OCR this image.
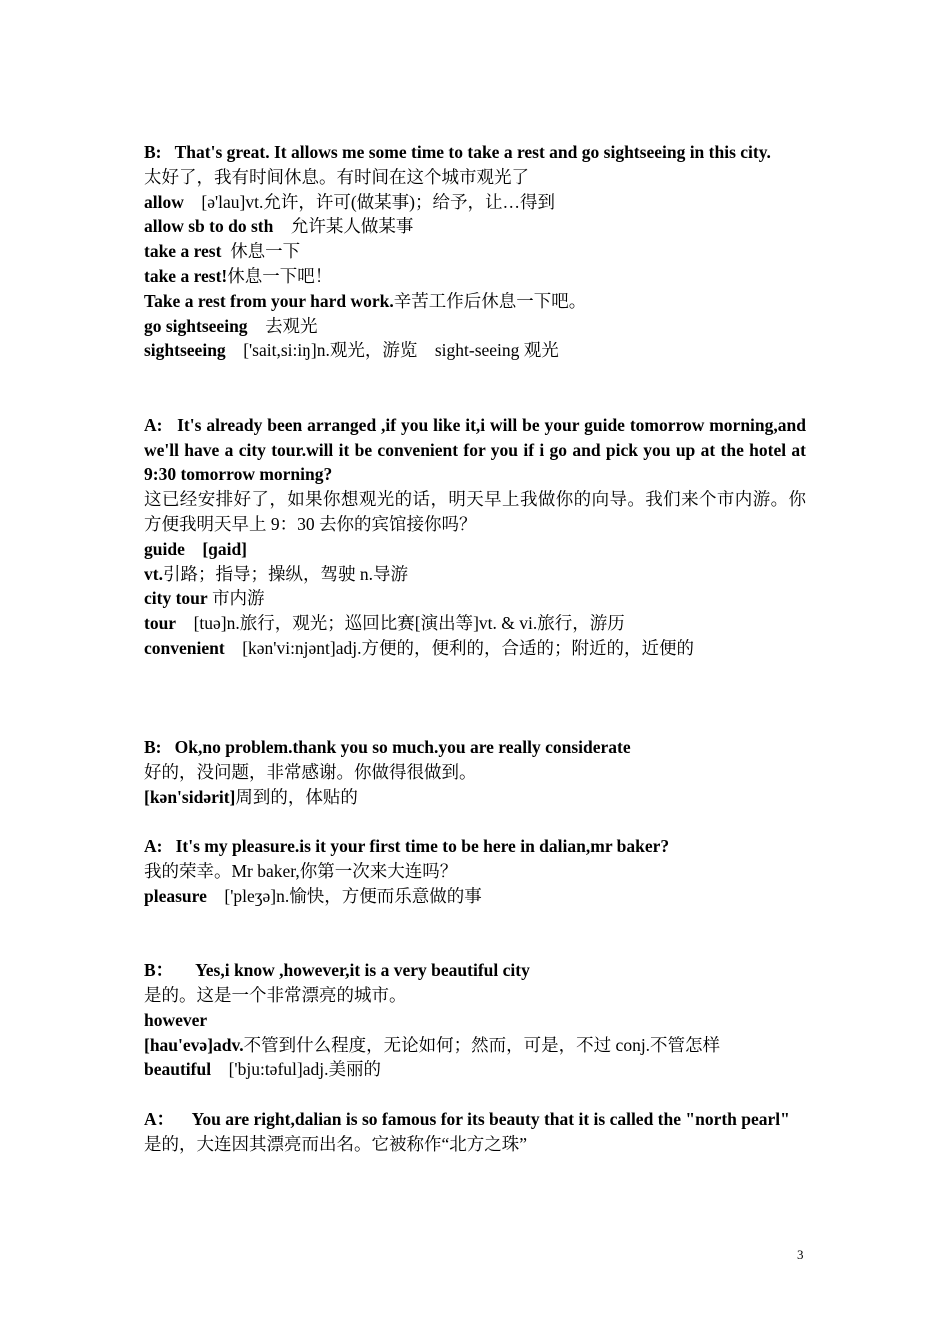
B: That's great. It allows me some time to take a rest and go sightseeing in this city.
太好了，我有时间休息。有时间在这个城市观光了
allow [ə'lau]vt.允许，许可(做某事)；给予，让…得到
allow sb to do sth 允许某人做某事
take a rest 休息一下
take a rest!休息一下吧！
Take a rest from your hard work.辛苦工作后休息一下吧。
go sightseeing 去观光
sightseeing ['sait,si:iŋ]n.观光，游览　sight-seeing 观光
A: It's already been arranged ,if you like it,i will be your guide tomorrow morning,and we'll have a city tour.will it be convenient for you if i go and pick you up at the hotel at 9:30 tomorrow morning?
这已经安排好了，如果你想观光的话，明天早上我做你的向导。我们来个市内游。你方便我明天早上 9：30 去你的宾馆接你吗？
guide [ɡaid]
vt.引路；指导；操纵，驾驶 n.导游
city tour 市内游
tour [tuə]n.旅行，观光；巡回比赛[演出等]vt. & vi.旅行，游历
convenient [kən'vi:njənt]adj.方便的，便利的，合适的；附近的，近便的
B: Ok,no problem.thank you so much.you are really considerate
好的，没问题，非常感谢。你做得很做到。
[kən'sidərit]周到的，体贴的
A: It's my pleasure.is it your first time to be here in dalian,mr baker?
我的荣幸。Mr baker,你第一次来大连吗？
pleasure ['pleʒə]n.愉快，方便而乐意做的事
B： Yes,i know ,however,it is a very beautiful city
是的。这是一个非常漂亮的城市。
however
[hau'evə]adv.不管到什么程度，无论如何；然而，可是，不过 conj.不管怎样
beautiful ['bju:təful]adj.美丽的
A： You are right,dalian is so famous for its beauty that it is called the "north pearl"
是的，大连因其漂亮而出名。它被称作“北方之珠”
3
